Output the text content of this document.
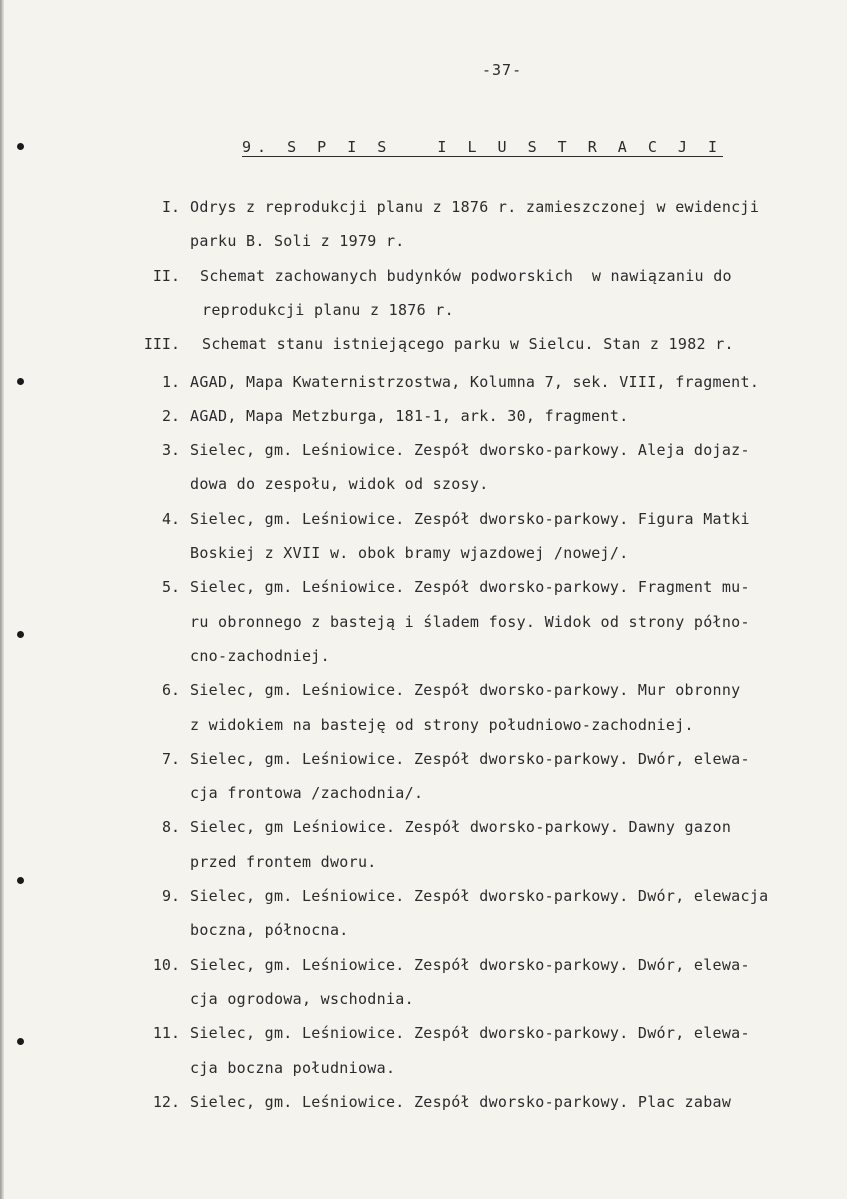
-37-
9. S P I S   I L U S T R A C J I
I. Odrys z reprodukcji planu z 1876 r. zamieszczonej w ewidencji
parku B. Soli z 1979 r.
II. Schemat zachowanych budynków podworskich  w nawiązaniu do
reprodukcji planu z 1876 r.
III. Schemat stanu istniejącego parku w Sielcu. Stan z 1982 r.
1. AGAD, Mapa Kwaternistrzostwa, Kolumna 7, sek. VIII, fragment.
2. AGAD, Mapa Metzburga, 181-1, ark. 30, fragment.
3. Sielec, gm. Leśniowice. Zespół dworsko-parkowy. Aleja dojaz-
dowa do zespołu, widok od szosy.
4. Sielec, gm. Leśniowice. Zespół dworsko-parkowy. Figura Matki
Boskiej z XVII w. obok bramy wjazdowej /nowej/.
5. Sielec, gm. Leśniowice. Zespół dworsko-parkowy. Fragment mu-
ru obronnego z basteją i śladem fosy. Widok od strony półno-
cno-zachodniej.
6. Sielec, gm. Leśniowice. Zespół dworsko-parkowy. Mur obronny
z widokiem na basteję od strony południowo-zachodniej.
7. Sielec, gm. Leśniowice. Zespół dworsko-parkowy. Dwór, elewa-
cja frontowa /zachodnia/.
8. Sielec, gm Leśniowice. Zespół dworsko-parkowy. Dawny gazon
przed frontem dworu.
9. Sielec, gm. Leśniowice. Zespół dworsko-parkowy. Dwór, elewacja
boczna, północna.
10. Sielec, gm. Leśniowice. Zespół dworsko-parkowy. Dwór, elewa-
cja ogrodowa, wschodnia.
11. Sielec, gm. Leśniowice. Zespół dworsko-parkowy. Dwór, elewa-
cja boczna południowa.
12. Sielec, gm. Leśniowice. Zespół dworsko-parkowy. Plac zabaw
